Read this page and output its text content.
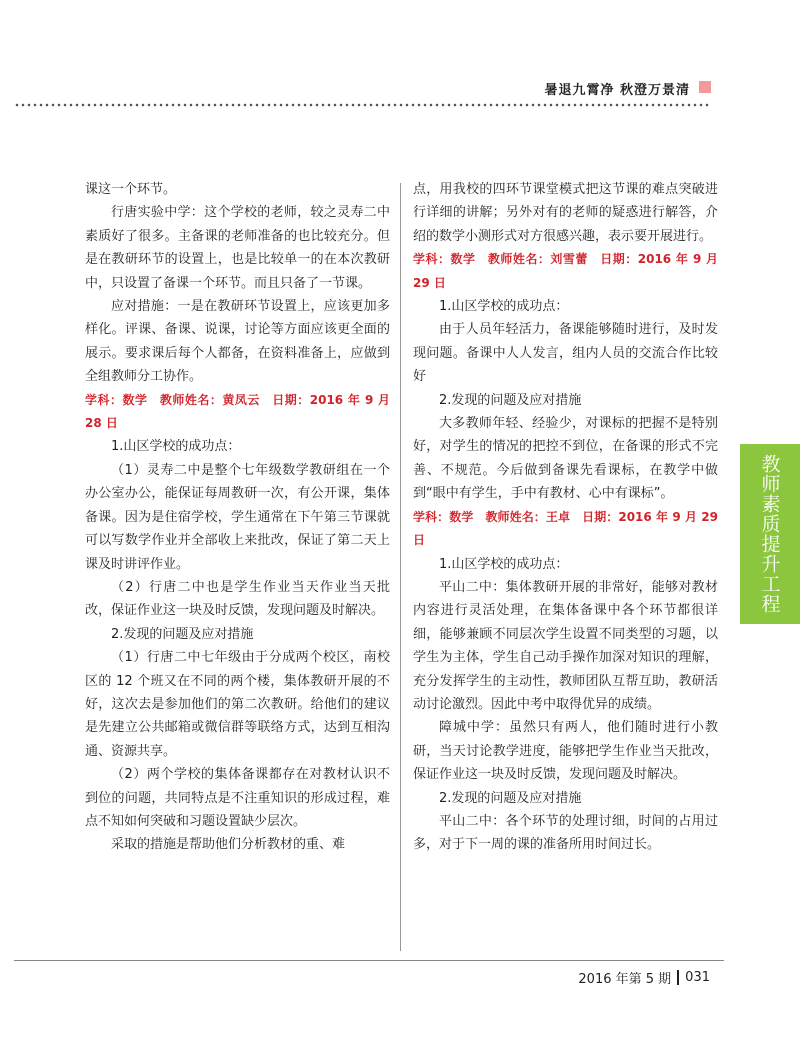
暑退九霄净 秋澄万景清
教师素质提升工程

课这一个环节。

行唐实验中学：这个学校的老师，较之灵寿二中素质好了很多。主备课的老师准备的也比较充分。但是在教研环节的设置上，也是比较单一的在本次教研中，只设置了备课一个环节。而且只备了一节课。

应对措施：一是在教研环节设置上，应该更加多样化。评课、备课、说课，讨论等方面应该更全面的展示。要求课后每个人都备，在资料准备上，应做到全组教师分工协作。

学科：数学　教师姓名：黄凤云　日期：2016 年 9 月 28 日

1.山区学校的成功点：

（1）灵寿二中是整个七年级数学教研组在一个办公室办公，能保证每周教研一次，有公开课，集体备课。因为是住宿学校，学生通常在下午第三节课就可以写数学作业并全部收上来批改，保证了第二天上课及时讲评作业。

（2）行唐二中也是学生作业当天作业当天批改，保证作业这一块及时反馈，发现问题及时解决。

2.发现的问题及应对措施

（1）行唐二中七年级由于分成两个校区，南校区的 12 个班又在不同的两个楼，集体教研开展的不好，这次去是参加他们的第二次教研。给他们的建议是先建立公共邮箱或微信群等联络方式，达到互相沟通、资源共享。

（2）两个学校的集体备课都存在对教材认识不到位的问题，共同特点是不注重知识的形成过程，难点不知如何突破和习题设置缺少层次。

采取的措施是帮助他们分析教材的重、难

点，用我校的四环节课堂模式把这节课的难点突破进行详细的讲解；另外对有的老师的疑惑进行解答，介绍的数学小测形式对方很感兴趣，表示要开展进行。

学科：数学　教师姓名：刘雪蕾　日期：2016 年 9 月 29 日

1.山区学校的成功点：

由于人员年轻活力，备课能够随时进行，及时发现问题。备课中人人发言，组内人员的交流合作比较好

2.发现的问题及应对措施

大多教师年轻、经验少，对课标的把握不是特别好，对学生的情况的把控不到位，在备课的形式不完善、不规范。今后做到备课先看课标，在教学中做到“眼中有学生，手中有教材、心中有课标”。

学科：数学　教师姓名：王卓　日期：2016 年 9 月 29 日

1.山区学校的成功点：

平山二中：集体教研开展的非常好，能够对教材内容进行灵活处理，在集体备课中各个环节都很详细，能够兼顾不同层次学生设置不同类型的习题，以学生为主体，学生自己动手操作加深对知识的理解，充分发挥学生的主动性，教师团队互帮互助，教研活动讨论激烈。因此中考中取得优异的成绩。

障城中学：虽然只有两人，他们随时进行小教研，当天讨论教学进度，能够把学生作业当天批改，保证作业这一块及时反馈，发现问题及时解决。

2.发现的问题及应对措施

平山二中：各个环节的处理讨细，时间的占用过多，对于下一周的课的准备所用时间过长。

2016 年第 5 期 031
